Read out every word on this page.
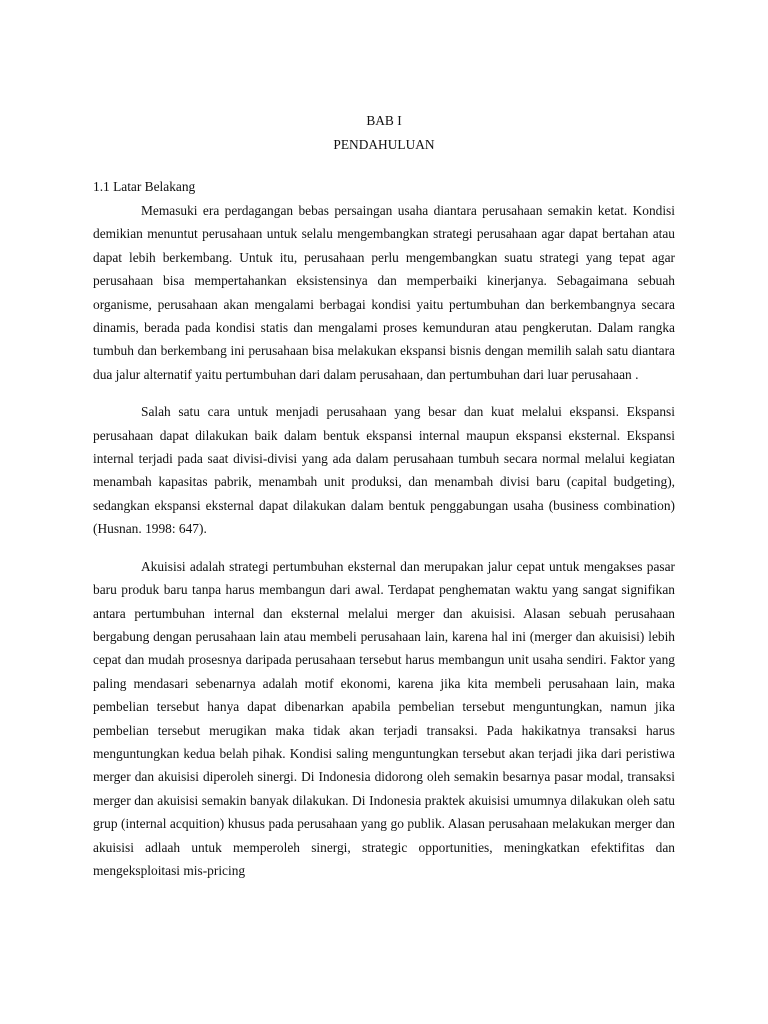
BAB I
PENDAHULUAN
1.1 Latar Belakang

Memasuki era perdagangan bebas persaingan usaha diantara perusahaan semakin ketat. Kondisi demikian menuntut perusahaan untuk selalu mengembangkan strategi perusahaan agar dapat bertahan atau dapat lebih berkembang. Untuk itu, perusahaan perlu mengembangkan suatu strategi yang tepat agar perusahaan bisa mempertahankan eksistensinya dan memperbaiki kinerjanya. Sebagaimana sebuah organisme, perusahaan akan mengalami berbagai kondisi yaitu pertumbuhan dan berkembangnya secara dinamis, berada pada kondisi statis dan mengalami proses kemunduran atau pengkerutan. Dalam rangka tumbuh dan berkembang ini perusahaan bisa melakukan ekspansi bisnis dengan memilih salah satu diantara dua jalur alternatif yaitu pertumbuhan dari dalam perusahaan, dan pertumbuhan dari luar perusahaan .

Salah satu cara untuk menjadi perusahaan yang besar dan kuat melalui ekspansi. Ekspansi perusahaan dapat dilakukan baik dalam bentuk ekspansi internal maupun ekspansi eksternal. Ekspansi internal terjadi pada saat divisi-divisi yang ada dalam perusahaan tumbuh secara normal melalui kegiatan menambah kapasitas pabrik, menambah unit produksi, dan menambah divisi baru (capital budgeting), sedangkan ekspansi eksternal dapat dilakukan dalam bentuk penggabungan usaha (business combination) (Husnan. 1998: 647).

Akuisisi adalah strategi pertumbuhan eksternal dan merupakan jalur cepat untuk mengakses pasar baru produk baru tanpa harus membangun dari awal. Terdapat penghematan waktu yang sangat signifikan antara pertumbuhan internal dan eksternal melalui merger dan akuisisi. Alasan sebuah perusahaan bergabung dengan perusahaan lain atau membeli perusahaan lain, karena hal ini (merger dan akuisisi) lebih cepat dan mudah prosesnya daripada perusahaan tersebut harus membangun unit usaha sendiri. Faktor yang paling mendasari sebenarnya adalah motif ekonomi, karena jika kita membeli perusahaan lain, maka pembelian tersebut hanya dapat dibenarkan apabila pembelian tersebut menguntungkan, namun jika pembelian tersebut merugikan maka tidak akan terjadi transaksi. Pada hakikatnya transaksi harus menguntungkan kedua belah pihak. Kondisi saling menguntungkan tersebut akan terjadi jika dari peristiwa merger dan akuisisi diperoleh sinergi. Di Indonesia didorong oleh semakin besarnya pasar modal, transaksi merger dan akuisisi semakin banyak dilakukan. Di Indonesia praktek akuisisi umumnya dilakukan oleh satu grup (internal acquition) khusus pada perusahaan yang go publik. Alasan perusahaan melakukan merger dan akuisisi adlaah untuk memperoleh sinergi, strategic opportunities, meningkatkan efektifitas dan mengeksploitasi mis-pricing
